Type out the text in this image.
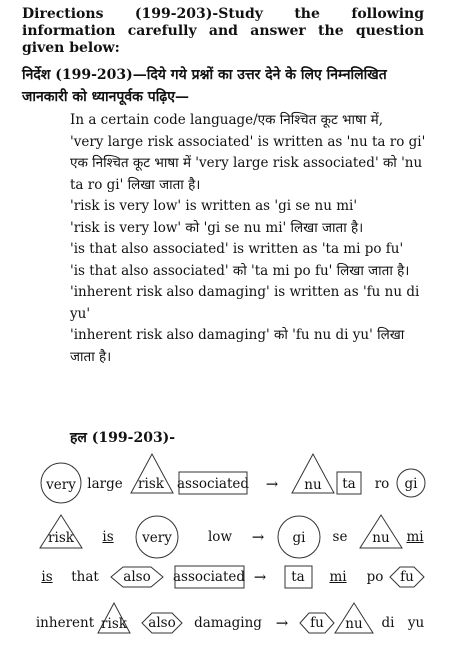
Directions (199-203)-Study the following information carefully and answer the question given below:
निर्देश (199-203)—दिये गये प्रश्नों का उत्तर देने के लिए निम्नलिखित जानकारी को ध्यानपूर्वक पढ़िए—

In a certain code language/एक निश्चित कूट भाषा में,

'very large risk associated' is written as 'nu ta ro gi'

एक निश्चित कूट भाषा में 'very large risk associated' को 'nu ta ro gi' लिखा जाता है।

'risk is very low' is written as 'gi se nu mi'

'risk is very low' को 'gi se nu mi' लिखा जाता है।

'is that also associated' is written as 'ta mi po fu'

'is that also associated' को 'ta mi po fu' लिखा जाता है।

'inherent risk also damaging' is written as 'fu nu di yu'

'inherent risk also damaging' को 'fu nu di yu' लिखा जाता है।

हल (199-203)-
very large risk associated → nu ta ro gi
risk is very	low → gi se nu mi
is that also associated → ta mi po fu
inherent risk also damaging → fu nu di yu
